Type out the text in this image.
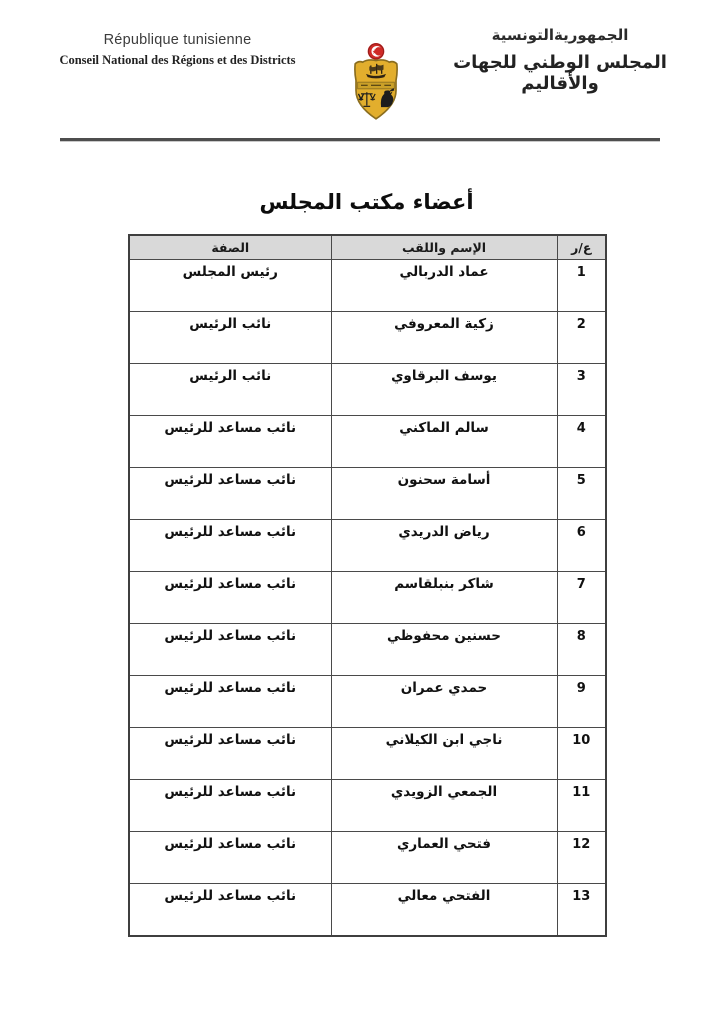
République tunisienne
Conseil National des Régions et des Districts
الجمهوريةالتونسية
المجلس الوطني للجهات والأقاليم
أعضاء مكتب المجلس
ع/ر	الإسم واللقب	الصفة
1	عماد الدربالي	رئيس المجلس
2	زكية المعروفي	نائب الرئيس
3	يوسف البرقاوي	نائب الرئيس
4	سالم الماكني	نائب مساعد للرئيس
5	أسامة سحنون	نائب مساعد للرئيس
6	رياض الدريدي	نائب مساعد للرئيس
7	شاكر بنبلقاسم	نائب مساعد للرئيس
8	حسنين محفوظي	نائب مساعد للرئيس
9	حمدي عمران	نائب مساعد للرئيس
10	ناجي ابن الكيلاني	نائب مساعد للرئيس
11	الجمعي الزويدي	نائب مساعد للرئيس
12	فتحي العماري	نائب مساعد للرئيس
13	الفتحي معالي	نائب مساعد للرئيس
